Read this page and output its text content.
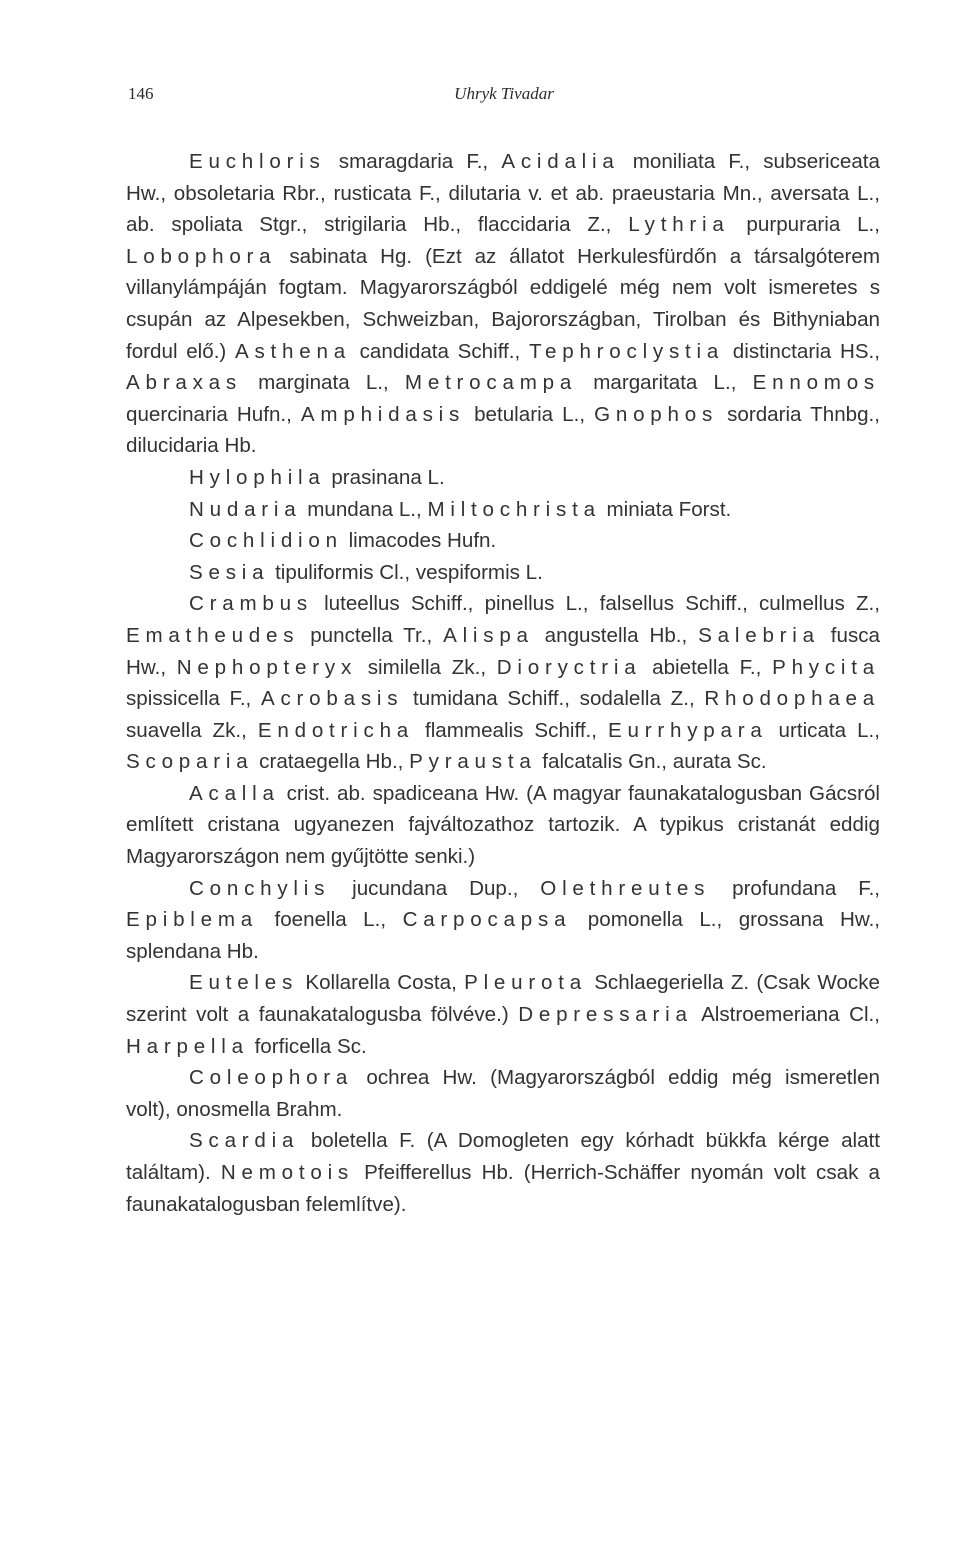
146	Uhryk Tivadar

Euchloris smaragdaria F., Acidalia moniliata F., subsericeata Hw., obsoletaria Rbr., rusticata F., dilutaria v. et ab. praeustaria Mn., aversata L., ab. spoliata Stgr., strigilaria Hb., flaccidaria Z., Lythria purpuraria L., Lobophora sabinata Hg. (Ezt az állatot Herkulesfürdőn a társalgóterem villanylámpáján fogtam. Magyarországból eddigelé még nem volt ismeretes s csupán az Alpesekben, Schweizban, Bajorországban, Tirolban és Bithyniaban fordul elő.) Asthena candidata Schiff., Tephroclystia distinctaria HS., Abraxas marginata L., Metrocampa margaritata L., Ennomos quercinaria Hufn., Amphidasis betularia L., Gnophos sordaria Thnbg., dilucidaria Hb.

Hylophila prasinana L.

Nudaria mundana L., Miltochrista miniata Forst.

Cochlidion limacodes Hufn.

Sesia tipuliformis Cl., vespiformis L.

Crambus luteellus Schiff., pinellus L., falsellus Schiff., culmellus Z., Ematheudes punctella Tr., Alispa angustella Hb., Salebria fusca Hw., Nephopteryx similella Zk., Dioryctria abietella F., Phycita spissicella F., Acrobasis tumidana Schiff., sodalella Z., Rhodophaea suavella Zk., Endotricha flammealis Schiff., Eurrhypara urticata L., Scoparia crataegella Hb., Pyrausta falcatalis Gn., aurata Sc.

Acalla crist. ab. spadiceana Hw. (A magyar faunakatalogusban Gácsról említett cristana ugyanezen fajváltozathoz tartozik. A typikus cristanát eddig Magyarországon nem gyűjtötte senki.)

Conchylis jucundana Dup., Olethreutes profundana F., Epiblema foenella L., Carpocapsa pomonella L., grossana Hw., splendana Hb.

Euteles Kollarella Costa, Pleurota Schlaegeriella Z. (Csak Wocke szerint volt a faunakatalogusba fölvéve.) Depressaria Alstroemeriana Cl., Harpella forficella Sc.

Coleophora ochrea Hw. (Magyarországból eddig még ismeretlen volt), onosmella Brahm.

Scardia boletella F. (A Domogleten egy kórhadt bükkfa kérge alatt találtam). Nemotois Pfeifferellus Hb. (Herrich-Schäffer nyomán volt csak a faunakatalogusban felemlítve).
